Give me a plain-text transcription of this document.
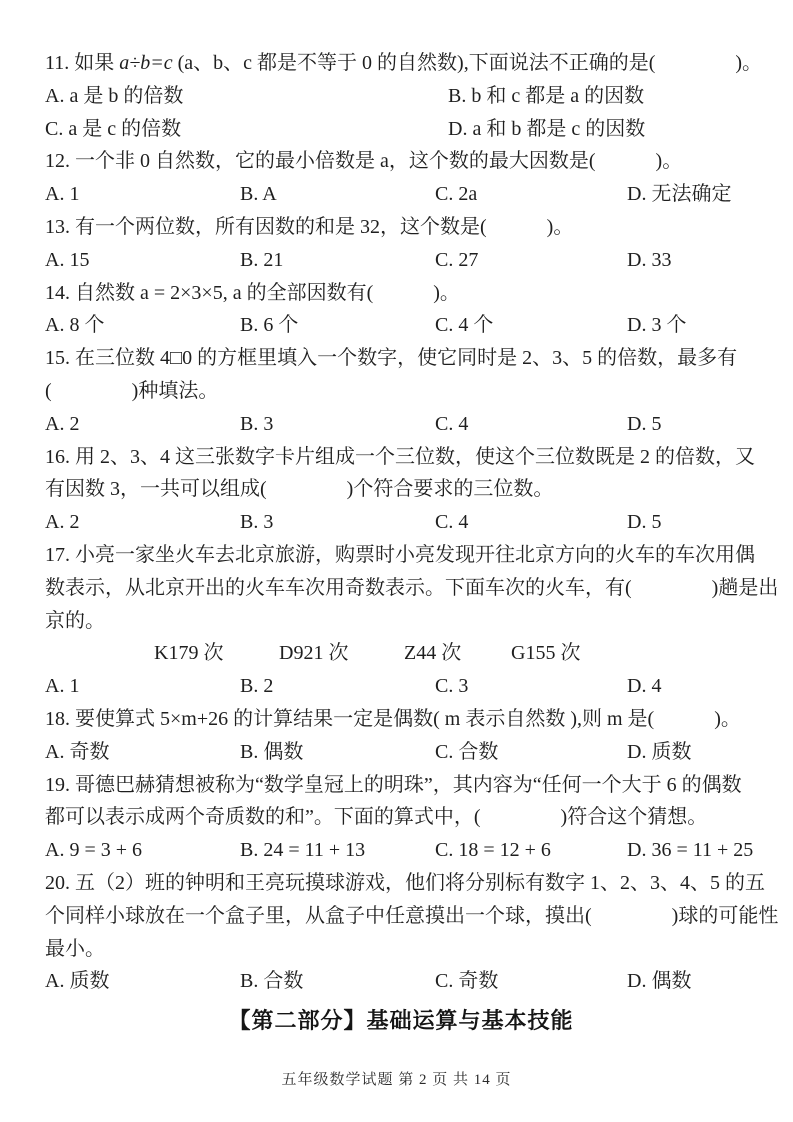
11. 如果 a÷b=c (a、b、c 都是不等于 0 的自然数),下面说法不正确的是(　　　　)。
A. a 是 b 的倍数	B. b 和 c 都是 a 的因数
C. a 是 c 的倍数	D. a 和 b 都是 c 的因数
12. 一个非 0 自然数，它的最小倍数是 a，这个数的最大因数是(　　　)。
A. 1	B. A	C. 2a	D. 无法确定
13. 有一个两位数，所有因数的和是 32，这个数是(　　　)。
A. 15	B. 21	C. 27	D. 33
14. 自然数 a = 2×3×5, a 的全部因数有(　　　)。
A. 8 个	B. 6 个	C. 4 个	D. 3 个
15. 在三位数 4□0 的方框里填入一个数字，使它同时是 2、3、5 的倍数，最多有
(　　　　)种填法。
A. 2	B. 3	C. 4	D. 5
16. 用 2、3、4 这三张数字卡片组成一个三位数，使这个三位数既是 2 的倍数，又
有因数 3，一共可以组成(　　　　)个符合要求的三位数。
A. 2	B. 3	C. 4	D. 5
17. 小亮一家坐火车去北京旅游，购票时小亮发现开往北京方向的火车的车次用偶
数表示，从北京开出的火车车次用奇数表示。下面车次的火车，有(　　　　)趟是出
京的。
K179 次	D921 次	Z44 次 G155 次
A. 1	B. 2	C. 3	D. 4
18. 要使算式 5×m+26 的计算结果一定是偶数( m 表示自然数 ),则 m 是(　　　)。
A. 奇数	B. 偶数	C. 合数	D. 质数
19. 哥德巴赫猜想被称为“数学皇冠上的明珠”，其内容为“任何一个大于 6 的偶数
都可以表示成两个奇质数的和”。下面的算式中，(　　　　)符合这个猜想。
A. 9 = 3 + 6	B. 24 = 11 + 13	C. 18 = 12 + 6	D. 36 = 11 + 25
20. 五（2）班的钟明和王亮玩摸球游戏，他们将分别标有数字 1、2、3、4、5 的五
个同样小球放在一个盒子里，从盒子中任意摸出一个球，摸出(　　　　)球的可能性
最小。
A. 质数	B. 合数	C. 奇数	D. 偶数
【第二部分】基础运算与基本技能
五年级数学试题 第 2 页 共 14 页
